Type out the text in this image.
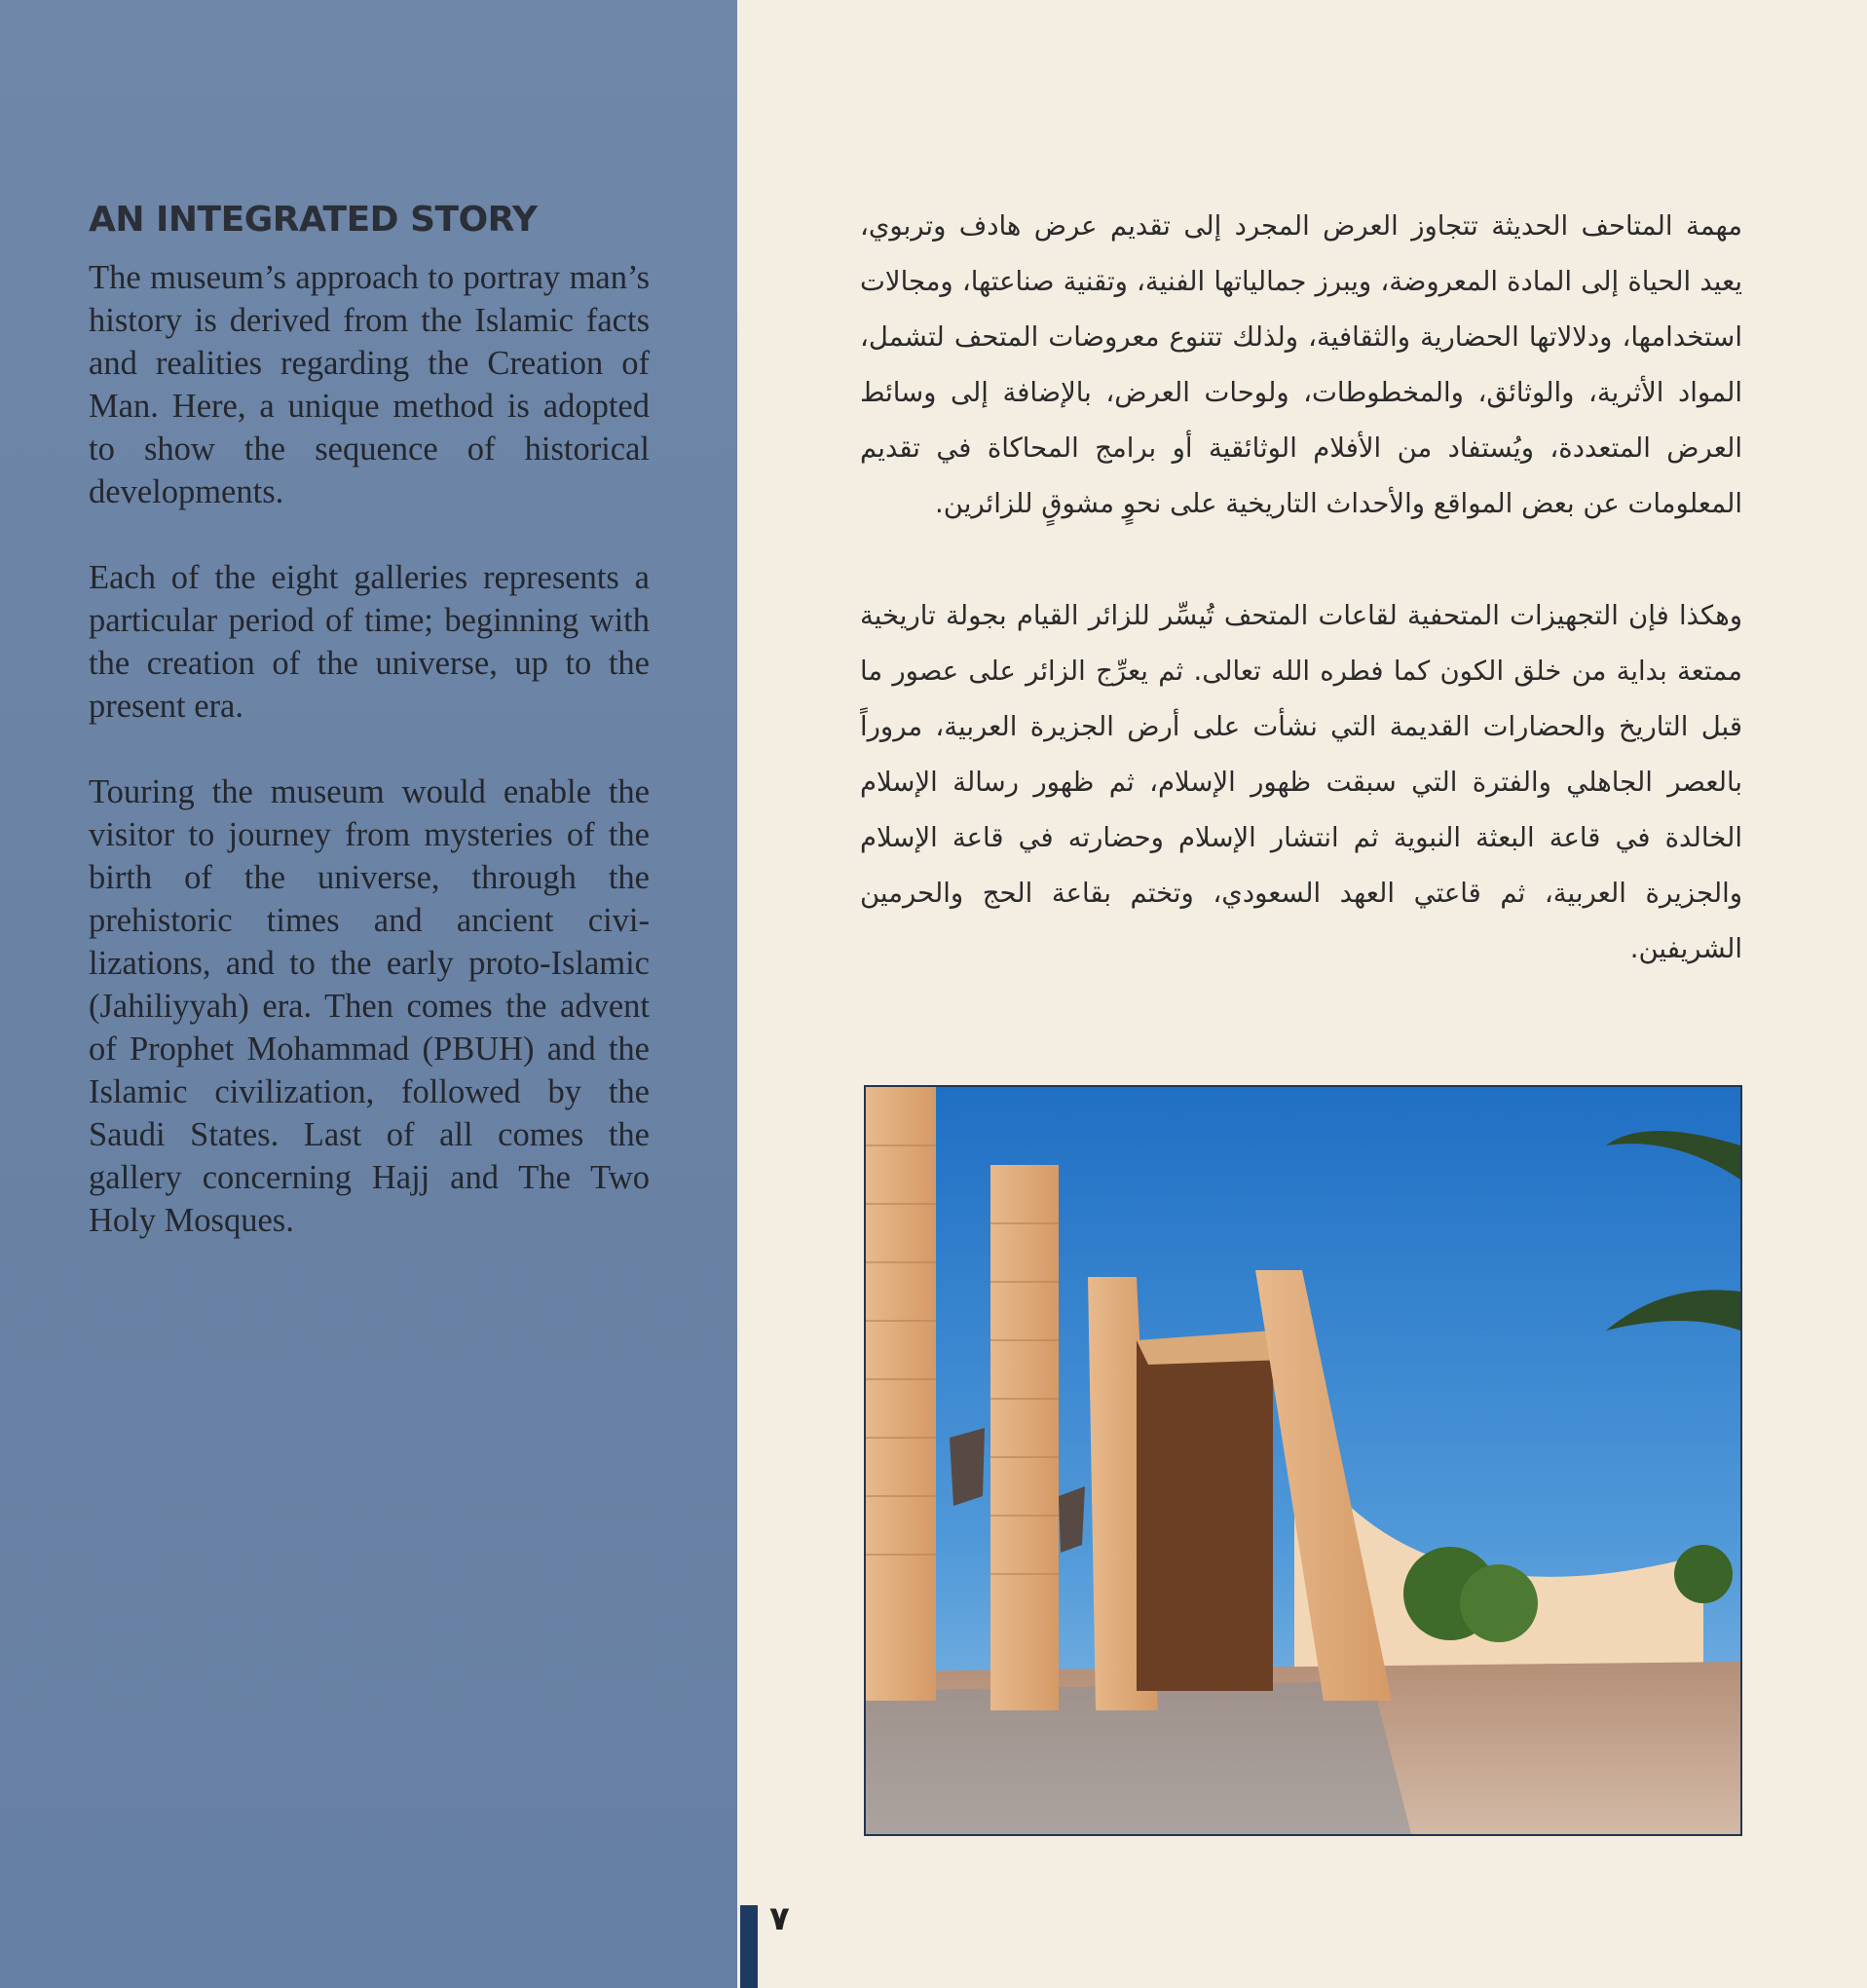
AN INTEGRATED STORY

The museum’s approach to portray man’s history is derived from the Islamic facts and realities regarding the Creation of Man. Here, a unique method is adopted to show the sequence of historical developments.

Each of the eight galleries represents a particular period of time; beginning with the creation of the universe, up to the present era.

Touring the museum would enable the visitor to journey from mysteries of the birth of the universe, through the prehistoric times and ancient civilizations, and to the early proto-Islamic (Jahiliyyah) era. Then comes the advent of Prophet Mohammad (PBUH) and the Islamic civilization, followed by the Saudi States. Last of all comes the gallery concerning Hajj and The Two Holy Mosques.

مهمة المتاحف الحديثة تتجاوز العرض المجرد إلى تقديم عرض هادف وتربوي، يعيد الحياة إلى المادة المعروضة، ويبرز جمالياتها الفنية، وتقنية صناعتها، ومجالات استخدامها، ودلالاتها الحضارية والثقافية، ولذلك تتنوع معروضات المتحف لتشمل، المواد الأثرية، والوثائق، والمخطوطات، ولوحات العرض، بالإضافة إلى وسائط العرض المتعددة، ويُستفاد من الأفلام الوثائقية أو برامج المحاكاة في تقديم المعلومات عن بعض المواقع والأحداث التاريخية على نحوٍ مشوقٍ للزائرين.

وهكذا فإن التجهيزات المتحفية لقاعات المتحف تُيسِّر للزائر القيام بجولة تاريخية ممتعة بداية من خلق الكون كما فطره الله تعالى. ثم يعرِّج الزائر على عصور ما قبل التاريخ والحضارات القديمة التي نشأت على أرض الجزيرة العربية، مروراً بالعصر الجاهلي والفترة التي سبقت ظهور الإسلام، ثم ظهور رسالة الإسلام الخالدة في قاعة البعثة النبوية ثم انتشار الإسلام وحضارته في قاعة الإسلام والجزيرة العربية، ثم قاعتي العهد السعودي، وتختم بقاعة الحج والحرمين الشريفين.

٧
